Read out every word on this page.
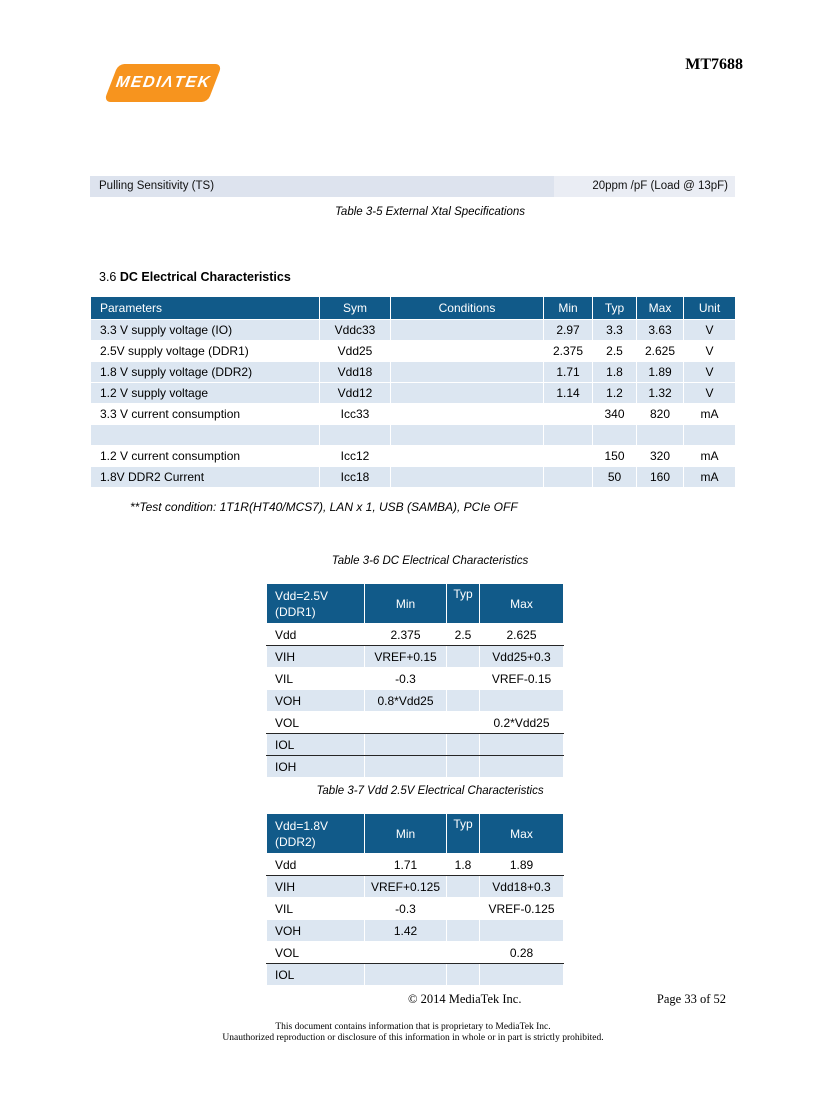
MEDIΛTEK
MT7688
Pulling Sensitivity (TS)	20ppm /pF (Load @ 13pF)
Table 3-5 External Xtal Specifications
3.6 DC Electrical Characteristics
Parameters	Sym	Conditions	Min	Typ	Max	Unit
3.3 V supply voltage (IO)	Vddc33		2.97	3.3	3.63	V
2.5V supply voltage (DDR1)	Vdd25		2.375	2.5	2.625	V
1.8 V supply voltage (DDR2)	Vdd18		1.71	1.8	1.89	V
1.2 V supply voltage	Vdd12		1.14	1.2	1.32	V
3.3 V current consumption	Icc33			340	820	mA

1.2 V current consumption	Icc12			150	320	mA
1.8V DDR2 Current	Icc18			50	160	mA
**Test condition: 1T1R(HT40/MCS7), LAN x 1, USB (SAMBA), PCIe OFF
Table 3-6 DC Electrical Characteristics
Vdd=2.5V
(DDR1)	Min	Typ	Max
Vdd	2.375	2.5	2.625
VIH	VREF+0.15		Vdd25+0.3
VIL	-0.3		VREF-0.15
VOH	0.8*Vdd25		
VOL			0.2*Vdd25
IOL			
IOH			
Table 3-7 Vdd 2.5V Electrical Characteristics
Vdd=1.8V
(DDR2)	Min	Typ	Max
Vdd	1.71	1.8	1.89
VIH	VREF+0.125		Vdd18+0.3
VIL	-0.3		VREF-0.125
VOH	1.42		
VOL			0.28
IOL			
© 2014 MediaTek Inc.	Page 33 of 52
This document contains information that is proprietary to MediaTek Inc.
Unauthorized reproduction or disclosure of this information in whole or in part is strictly prohibited.
